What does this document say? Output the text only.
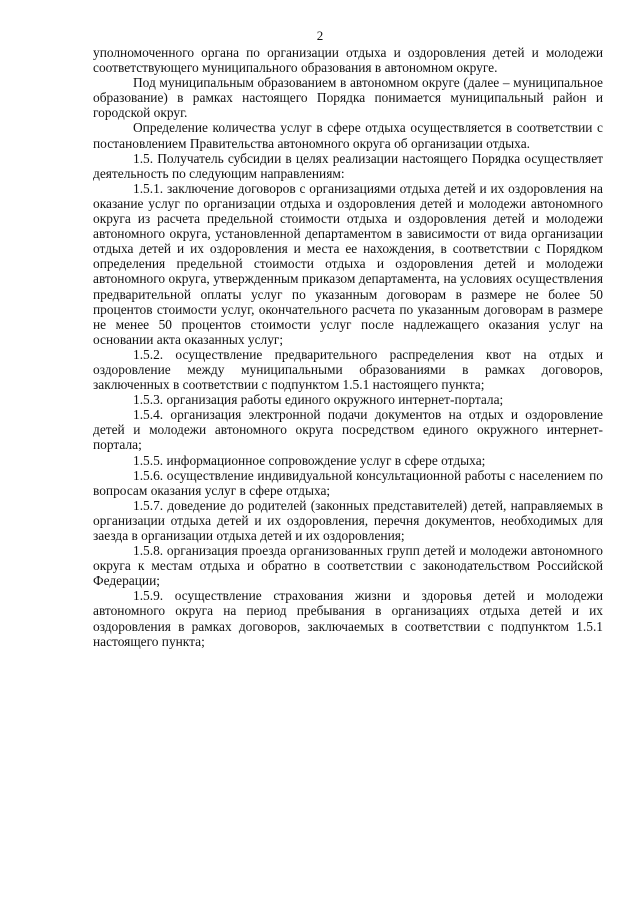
2

уполномоченного органа по организации отдыха и оздоровления детей и молодежи соответствующего муниципального образования в автономном округе.

Под муниципальным образованием в автономном округе (далее – муниципальное образование) в рамках настоящего Порядка понимается муниципальный район и городской округ.

Определение количества услуг в сфере отдыха осуществляется в соответствии с постановлением Правительства автономного округа об организации отдыха.

1.5. Получатель субсидии в целях реализации настоящего Порядка осуществляет деятельность по следующим направлениям:

1.5.1. заключение договоров с организациями отдыха детей и их оздоровления на оказание услуг по организации отдыха и оздоровления детей и молодежи автономного округа из расчета предельной стоимости отдыха и оздоровления детей и молодежи автономного округа, установленной департаментом в зависимости от вида организации отдыха детей и их оздоровления и места ее нахождения, в соответствии с Порядком определения предельной стоимости отдыха и оздоровления детей и молодежи автономного округа, утвержденным приказом департамента, на условиях осуществления предварительной оплаты услуг по указанным договорам в размере не более 50 процентов стоимости услуг, окончательного расчета по указанным договорам в размере не менее 50 процентов стоимости услуг после надлежащего оказания услуг на основании акта оказанных услуг;

1.5.2. осуществление предварительного распределения квот на отдых и оздоровление между муниципальными образованиями в рамках договоров, заключенных в соответствии с подпунктом 1.5.1 настоящего пункта;

1.5.3. организация работы единого окружного интернет-портала;

1.5.4. организация электронной подачи документов на отдых и оздоровление детей и молодежи автономного округа посредством единого окружного интернет-портала;

1.5.5. информационное сопровождение услуг в сфере отдыха;

1.5.6. осуществление индивидуальной консультационной работы с населением по вопросам оказания услуг в сфере отдыха;

1.5.7. доведение до родителей (законных представителей) детей, направляемых в организации отдыха детей и их оздоровления, перечня документов, необходимых для заезда в организации отдыха детей и их оздоровления;

1.5.8. организация проезда организованных групп детей и молодежи автономного округа к местам отдыха и обратно в соответствии с законодательством Российской Федерации;

1.5.9. осуществление страхования жизни и здоровья детей и молодежи автономного округа на период пребывания в организациях отдыха детей и их оздоровления в рамках договоров, заключаемых в соответствии с подпунктом 1.5.1 настоящего пункта;
